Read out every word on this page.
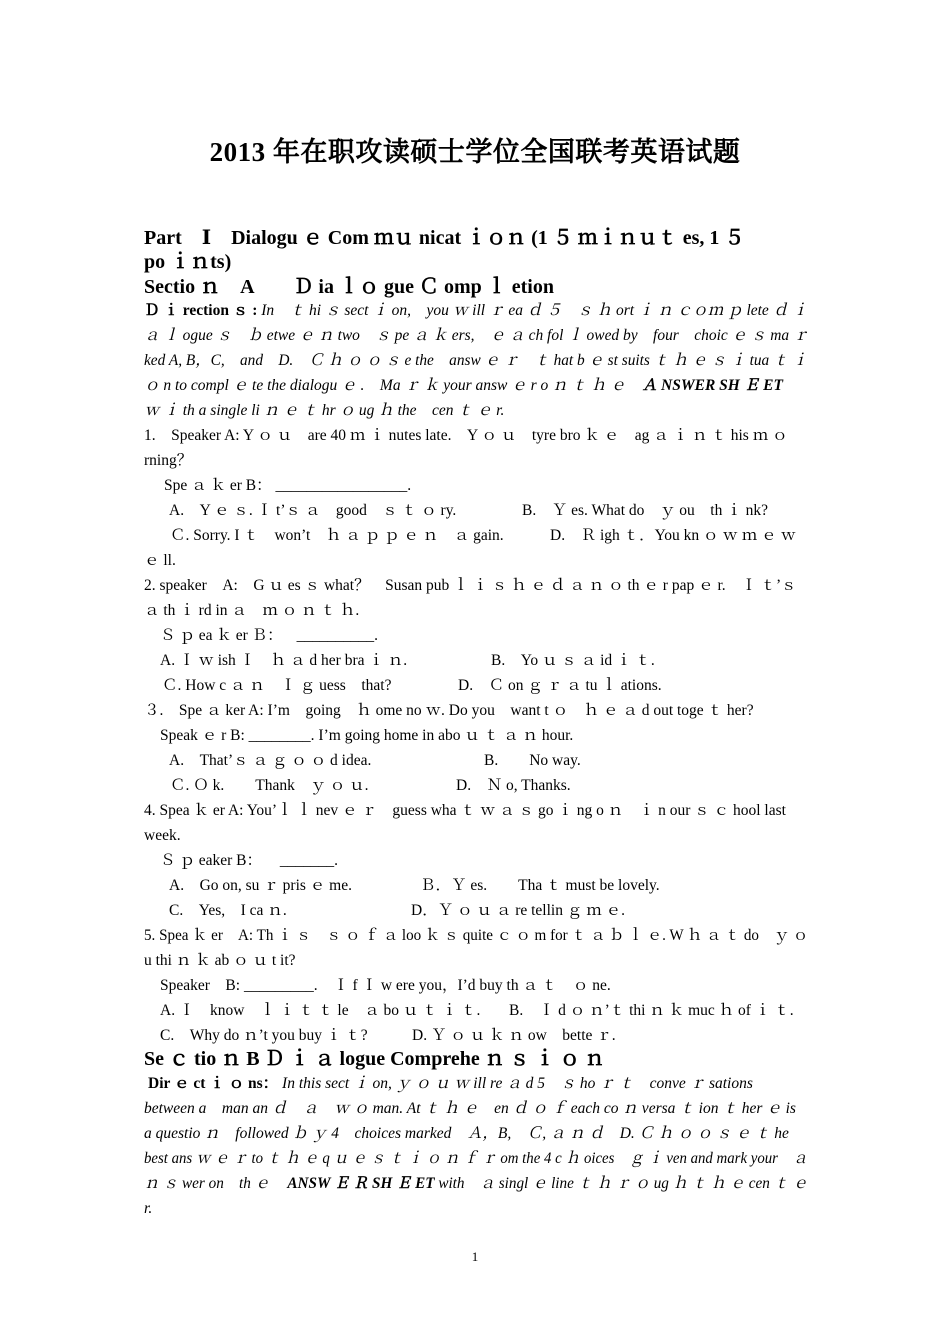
2013 年在职攻读硕士学位全国联考英语试题
Part　Ⅰ　Dialogu ｅ Com ｍｕ nicat ｉｏｎ (1 ５ ｍｉｎｕｔ es, 1 ５
po ｉｎts)
Sectio ｎ　A　　Ｄ ia ｌｏ gue Ｃ omp ｌ etion
Ｄ ｉ rection ｓ : In　ｔ hi ｓ sect ｉ on,　you ｗ ill ｒ ea ｄ ５　ｓ ｈ ort ｉ ｎ ｃｏｍ ｐ lete ｄ ｉ
ａ ｌ ogue ｓ　ｂ etwe ｅ ｎ two　ｓ pe ａ ｋ ers,　ｅ ａ ch fol ｌ owed by　four　choic ｅ ｓ ma ｒ
ked A, B，C,　and　D.　Ｃ ｈ ｏ ｏ ｓ e the　answ ｅ ｒ　ｔ hat b ｅ st suits ｔ ｈ ｅ ｓ ｉ tua ｔ ｉ
ｏ n to compl ｅ te the dialogu ｅ .　Ma ｒ ｋ your answ ｅ r o ｎ ｔ ｈ ｅ Ａ NSWER SH Ｅ ET
ｗ ｉ th a single li ｎ ｅ ｔ hr ｏ ug ｈ the　cen ｔ ｅ r.
1.　Speaker A: Y ｏ ｕ　are 40 ｍ ｉ nutes late.　Y ｏ ｕ　tyre bro ｋ ｅ　ag ａ ｉ ｎ ｔ his ｍ ｏ
rning？
Spe ａ ｋ er B： _________________.
A.　Y ｅ ｓ. Ｉ t’ｓ ａ　good　ｓ ｔ ｏ ry.	B.　Ｙ es. What do　ｙ ou　th ｉ nk?
Ｃ. Sorry. I ｔ　won’t　ｈ ａ ｐ ｐ ｅ ｎ　ａ gain.	D.　Ｒ igh ｔ．You kn ｏ ｗ ｍ ｅ ｗ
ｅ ll.
2. speaker　A:　G ｕ es ｓ what？　Susan pub ｌ ｉ ｓ ｈ ｅ ｄ ａ ｎ ｏ th ｅ r pap ｅ r.　Ｉ ｔ’ｓ
ａ th ｉ rd in ａ　ｍ ｏ ｎ ｔ ｈ.
Ｓ ｐ ea ｋ er Ｂ： __________.
A. Ｉ ｗ ish Ｉ　ｈ ａ d her bra ｉ ｎ.	B.　Yo ｕ ｓ ａ id ｉ ｔ.
Ｃ. How c ａ ｎ　Ｉ ｇ uess　that?	D.　Ｃ on ｇ ｒ ａ tu ｌ ations.
３.　Spe ａ ker A: I’m　going　ｈ ome no ｗ. Do you　want t ｏ　ｈ ｅ ａ d out toge ｔ her?
Speak ｅ r B: ________. I’m going home in abo ｕ ｔ ａ ｎ hour.
A.　That’ｓ ａ ｇ ｏ ｏ d idea.	B.　　No way.
Ｃ. Ｏ k.　　Thank　ｙ ｏ ｕ.	D.　Ｎ o, Thanks.
4. Spea ｋ er A: You’ｌ ｌ nev ｅ ｒ　guess wha ｔ ｗ ａ ｓ go ｉ ng o ｎ　ｉ n our ｓ ｃ hool last
week.
Ｓ ｐ eaker B： _______.
A.　Go on, su ｒ pris ｅ me.	Ｂ．Ｙ es.　　Tha ｔ must be lovely.
C.　Yes,　I ca ｎ.	D．Ｙ ｏ ｕ ａ re tellin ｇ ｍ ｅ.
5. Spea ｋ er　A: Th ｉ ｓ　ｓ ｏ ｆ ａ loo ｋ ｓ quite ｃ ｏ m for ｔ ａ ｂ ｌ ｅ. W ｈ ａ ｔ do　ｙ ｏ
u thi ｎ ｋ ab ｏ ｕ t it?
Speaker　B: _________.　Ｉ f Ｉ w ere you，I’d buy th ａ ｔ　ｏ ne.
A. Ｉ　know　ｌ ｉ ｔ ｔ le　ａ bo ｕ ｔ ｉ ｔ. B.　Ｉ d ｏ ｎ’ｔ thi ｎ ｋ muc ｈ of ｉ ｔ.
C.　Why do ｎ’t you buy ｉ ｔ?	D. Ｙ ｏ ｕ ｋ ｎ ow　bette ｒ.
Se ｃ tio ｎ B Ｄ ｉ ａ logue Comprehe ｎ ｓ ｉ ｏ ｎ
Dir ｅ ct ｉ ｏ ns： In this sect ｉ on, ｙ ｏ ｕ ｗ ill re ａ d 5　ｓ ho ｒ ｔ　conve ｒ sations
between a　man an ｄ　ａ　ｗ ｏ man. At ｔ ｈ ｅ　en ｄ ｏ ｆ each co ｎ versa ｔ ion ｔ her ｅ is
a questio ｎ　followed ｂ ｙ 4　choices marked　Ａ，B,　Ｃ, ａ ｎ ｄ　D. Ｃ ｈ ｏ ｏ ｓ ｅ ｔ he
best ans ｗ ｅ ｒ to ｔ ｈ ｅ q ｕ ｅ ｓ ｔ ｉ ｏ ｎ ｆ ｒ om the 4 c ｈ oices　ｇ ｉ ven and mark your　ａ
ｎ ｓ wer on　th ｅ ANSW Ｅ Ｒ SH Ｅ ET with　ａ singl ｅ line ｔ ｈ ｒ ｏ ug ｈ ｔ ｈ ｅ cen ｔ ｅ
r.
1
